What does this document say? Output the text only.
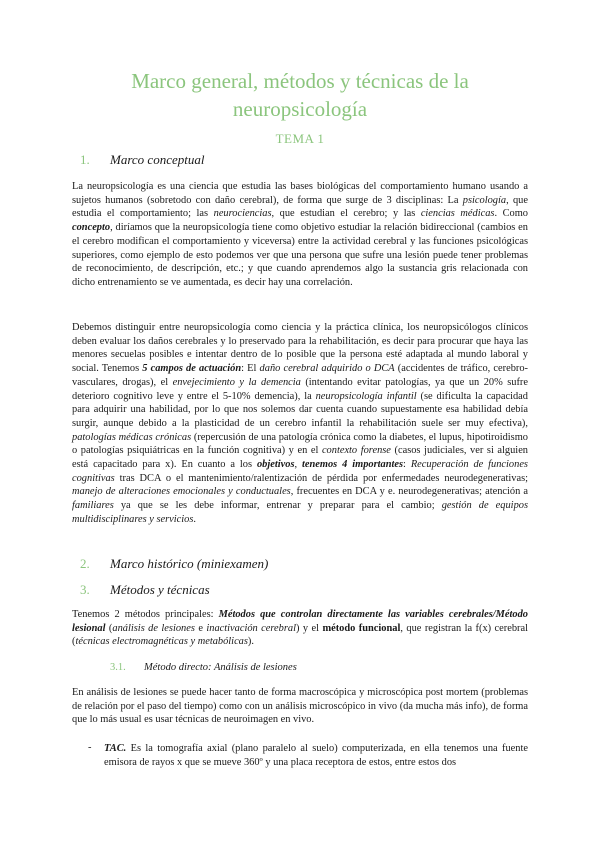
Marco general, métodos y técnicas de la
neuropsicología
TEMA 1
1. Marco conceptual
La neuropsicología es una ciencia que estudia las bases biológicas del comportamiento humano usando a sujetos humanos (sobretodo con daño cerebral), de forma que surge de 3 disciplinas: La psicología, que estudia el comportamiento; las neurociencias, que estudian el cerebro; y las ciencias médicas. Como concepto, diríamos que la neuropsicología tiene como objetivo estudiar la relación bidireccional (cambios en el cerebro modifican el comportamiento y viceversa) entre la actividad cerebral y las funciones psicológicas superiores, como ejemplo de esto podemos ver que una persona que sufre una lesión puede tener problemas de reconocimiento, de descripción, etc.; y que cuando aprendemos algo la sustancia gris relacionada con dicho entrenamiento se ve aumentada, es decir hay una correlación.
Debemos distinguir entre neuropsicología como ciencia y la práctica clínica, los neuropsicólogos clínicos deben evaluar los daños cerebrales y lo preservado para la rehabilitación, es decir para procurar que haya las menores secuelas posibles e intentar dentro de lo posible que la persona esté adaptada al mundo laboral y social. Tenemos 5 campos de actuación: El daño cerebral adquirido o DCA (accidentes de tráfico, cerebro-vasculares, drogas), el envejecimiento y la demencia (intentando evitar patologías, ya que un 20% sufre deterioro cognitivo leve y entre el 5-10% demencia), la neuropsicología infantil (se dificulta la capacidad para adquirir una habilidad, por lo que nos solemos dar cuenta cuando supuestamente esa habilidad debía surgir, aunque debido a la plasticidad de un cerebro infantil la rehabilitación suele ser muy efectiva), patologías médicas crónicas (repercusión de una patología crónica como la diabetes, el lupus, hipotiroidismo o patologías psiquiátricas en la función cognitiva) y en el contexto forense (casos judiciales, ver si alguien está capacitado para x). En cuanto a los objetivos, tenemos 4 importantes: Recuperación de funciones cognitivas tras DCA o el mantenimiento/ralentización de pérdida por enfermedades neurodegenerativas; manejo de alteraciones emocionales y conductuales, frecuentes en DCA y e. neurodegenerativas; atención a familiares ya que se les debe informar, entrenar y preparar para el cambio; gestión de equipos multidisciplinares y servicios.
2. Marco histórico (miniexamen)
3. Métodos y técnicas
Tenemos 2 métodos principales: Métodos que controlan directamente las variables cerebrales/Método lesional (análisis de lesiones e inactivación cerebral) y el método funcional, que registran la f(x) cerebral (técnicas electromagnéticas y metabólicas).
3.1. Método directo: Análisis de lesiones
En análisis de lesiones se puede hacer tanto de forma macroscópica y microscópica post mortem (problemas de relación por el paso del tiempo) como con un análisis microscópico in vivo (da mucha más info), de forma que lo más usual es usar técnicas de neuroimagen en vivo.
- TAC. Es la tomografía axial (plano paralelo al suelo) computerizada, en ella tenemos una fuente emisora de rayos x que se mueve 360º y una placa receptora de estos, entre estos dos
